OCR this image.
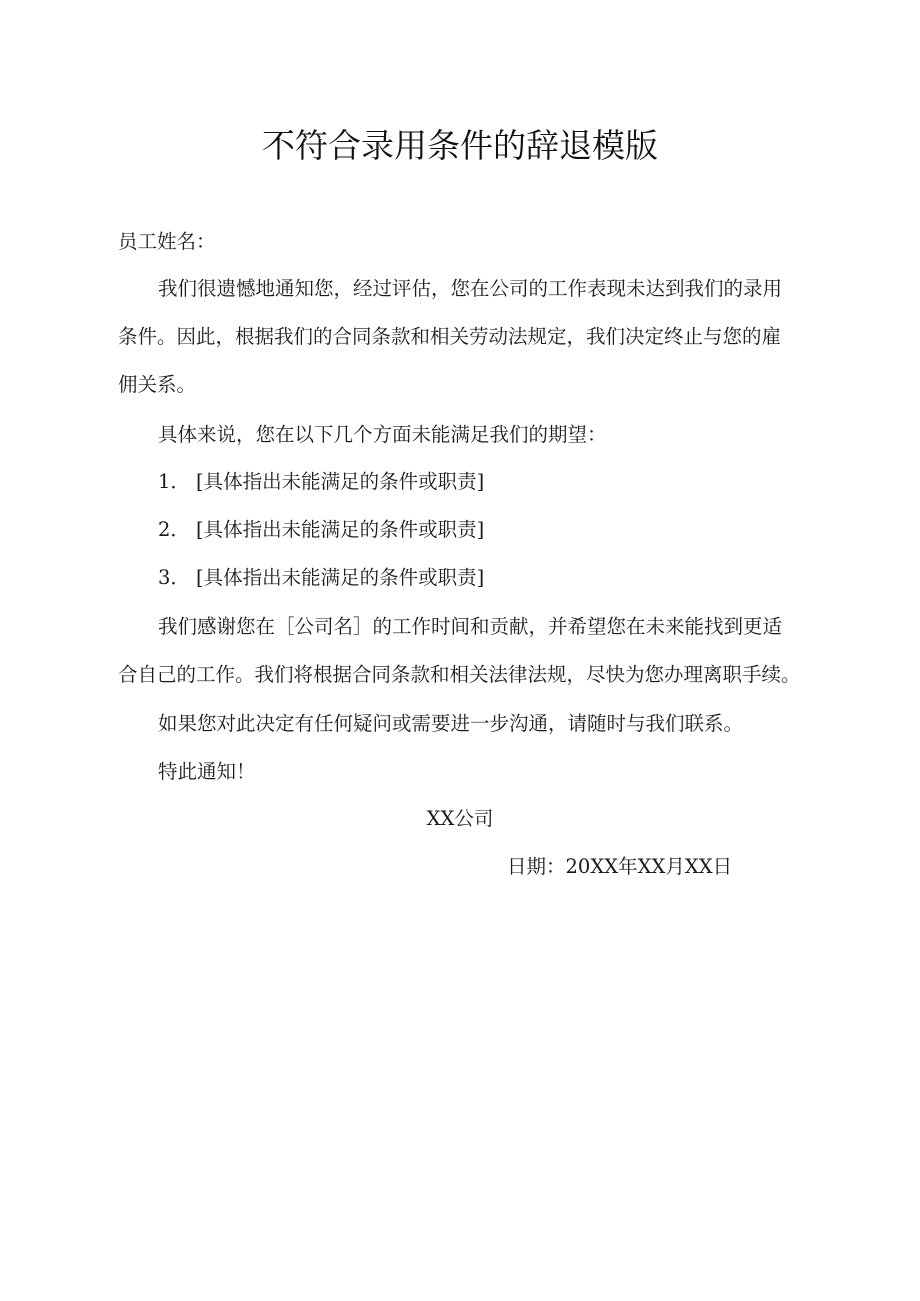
不符合录用条件的辞退模版
员工姓名：
我们很遗憾地通知您，经过评估，您在公司的工作表现未达到我们的录用
条件。因此，根据我们的合同条款和相关劳动法规定，我们决定终止与您的雇
佣关系。
具体来说，您在以下几个方面未能满足我们的期望：
1． [具体指出未能满足的条件或职责]
2． [具体指出未能满足的条件或职责]
3． [具体指出未能满足的条件或职责]
我们感谢您在［公司名］的工作时间和贡献，并希望您在未来能找到更适
合自己的工作。我们将根据合同条款和相关法律法规，尽快为您办理离职手续。
如果您对此决定有任何疑问或需要进一步沟通，请随时与我们联系。
特此通知！
XX公司
日期：20XX年XX月XX日
